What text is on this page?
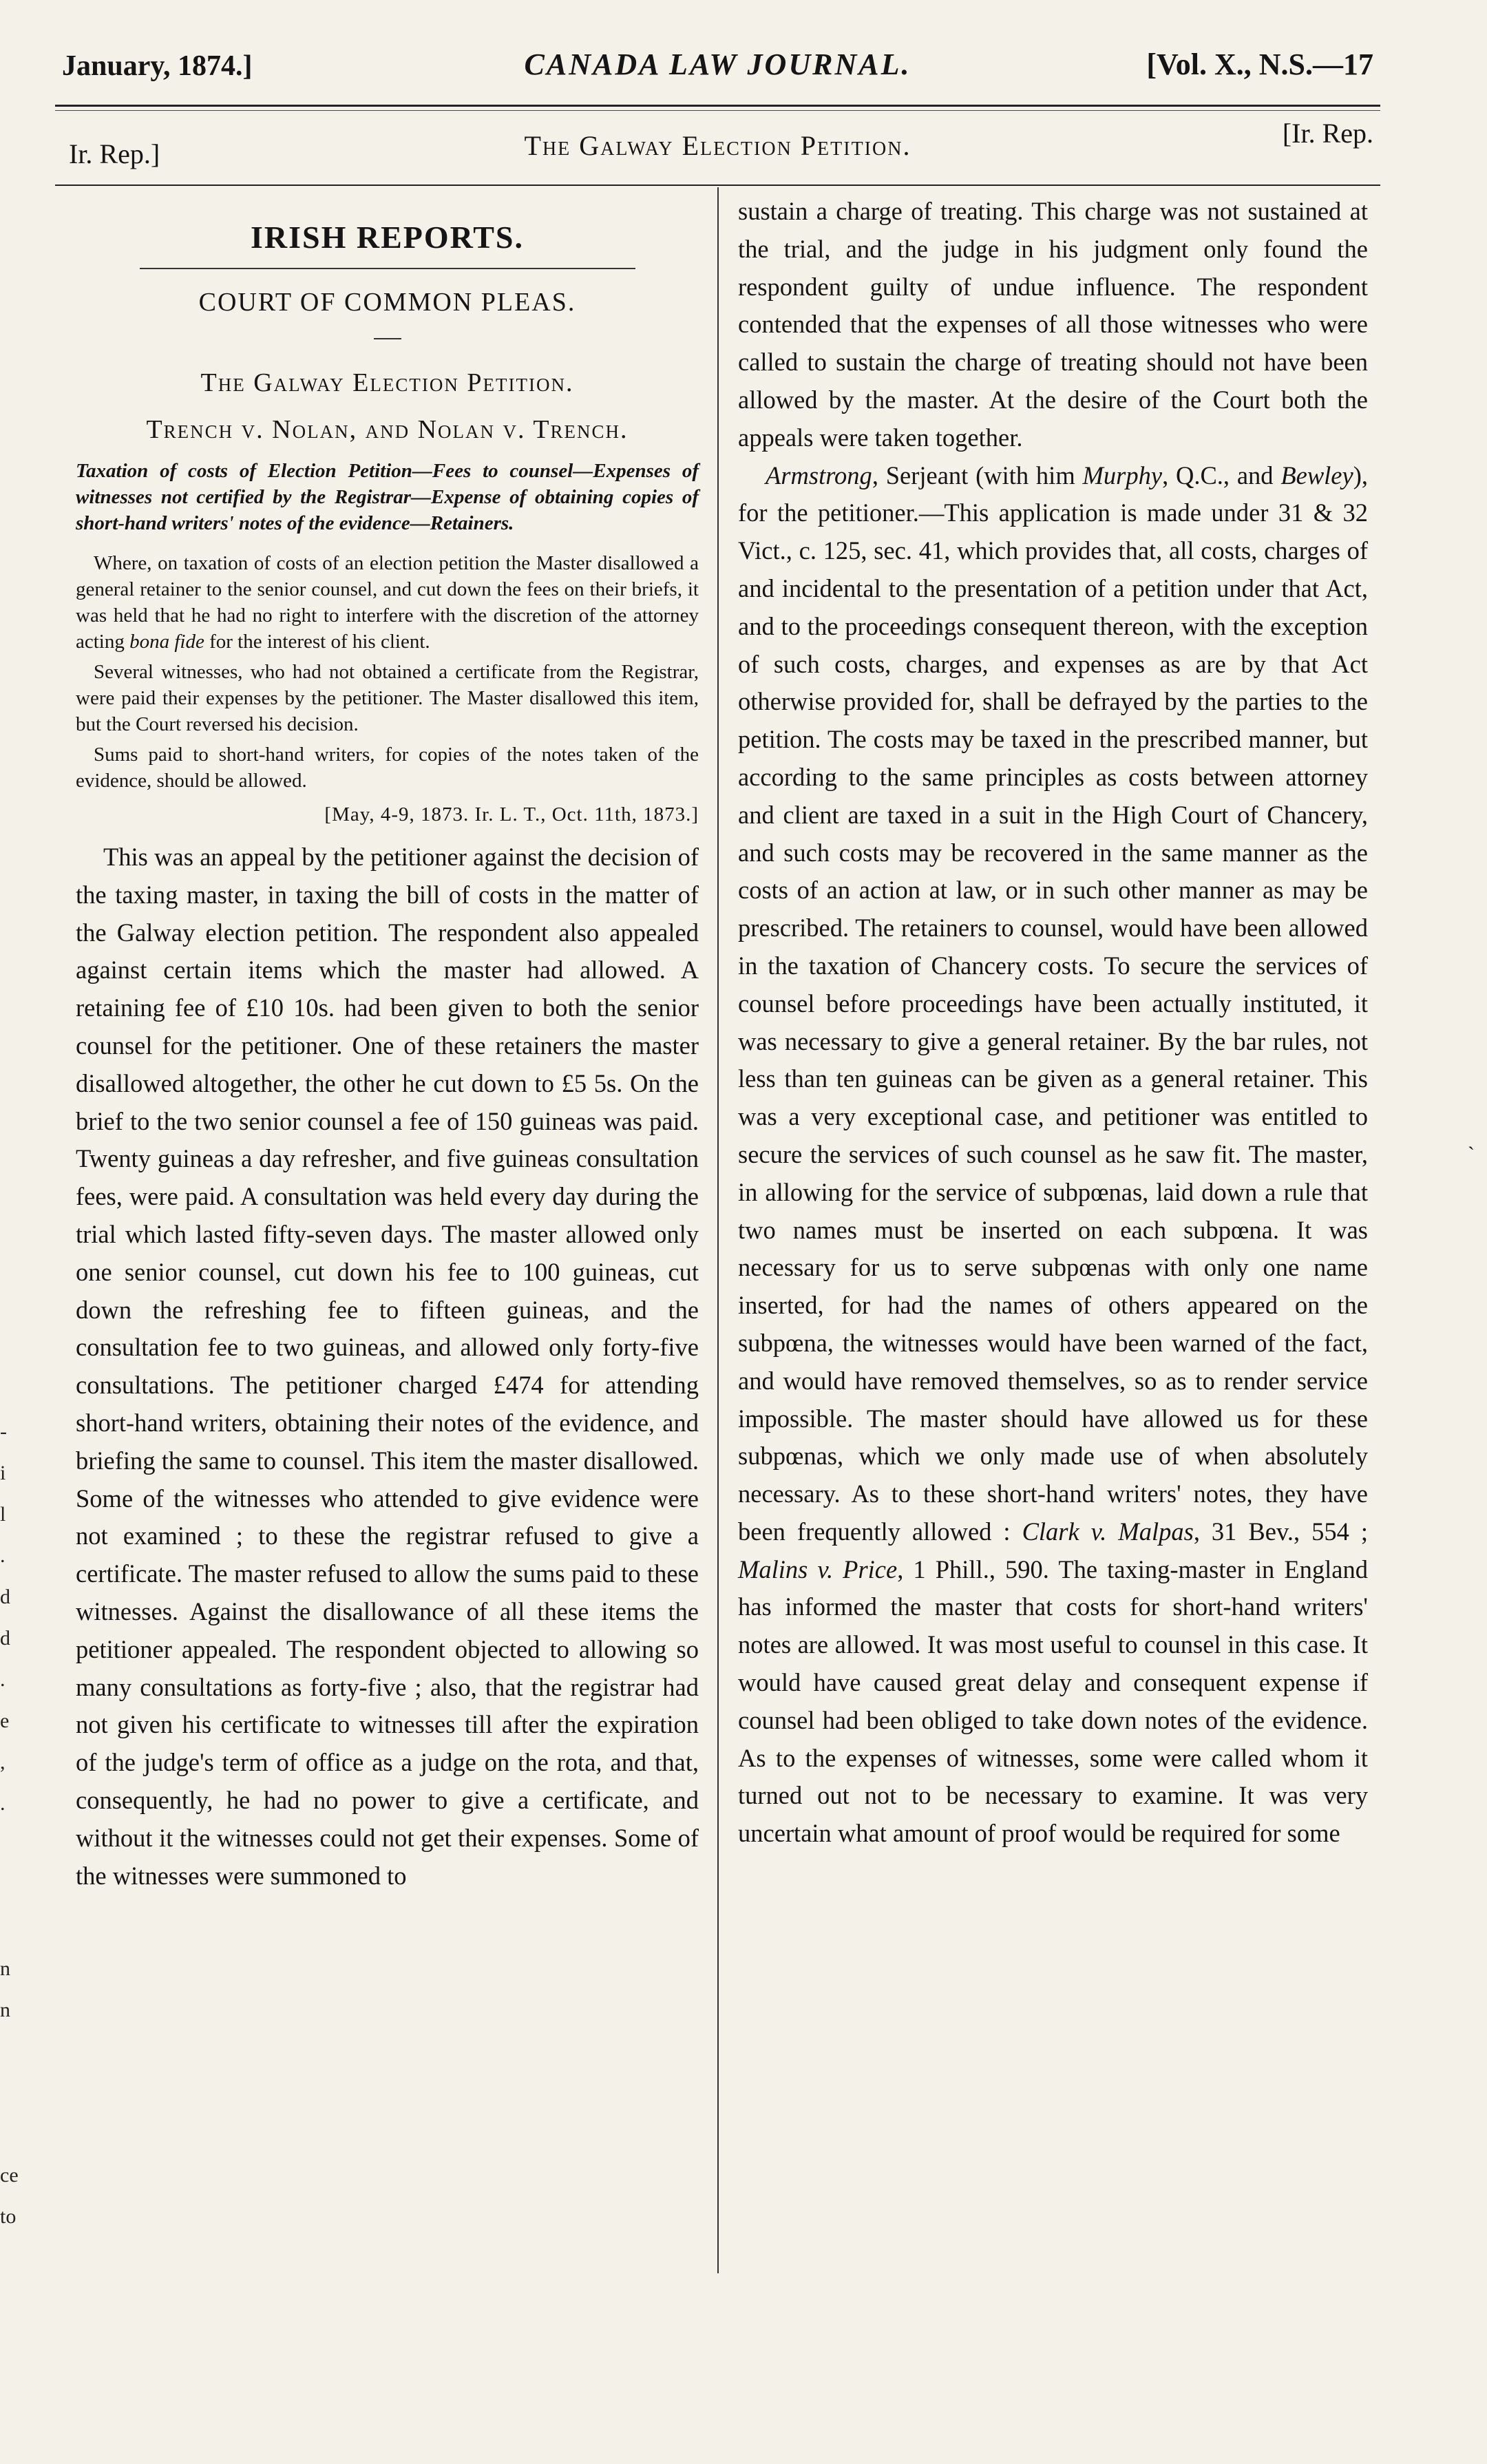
January, 1874.]	CANADA LAW JOURNAL.	[Vol. X., N.S.—17
Ir. Rep.]	The Galway Election Petition.	[Ir. Rep.
IRISH REPORTS.
COURT OF COMMON PLEAS.
The Galway Election Petition.
Trench v. Nolan, and Nolan v. Trench.
Taxation of costs of Election Petition—Fees to counsel—Expenses of witnesses not certified by the Registrar—Expense of obtaining copies of short-hand writers' notes of the evidence—Retainers.

Where, on taxation of costs of an election petition the Master disallowed a general retainer to the senior counsel, and cut down the fees on their briefs, it was held that he had no right to interfere with the discretion of the attorney acting bona fide for the interest of his client.

Several witnesses, who had not obtained a certificate from the Registrar, were paid their expenses by the petitioner. The Master disallowed this item, but the Court reversed his decision.

Sums paid to short-hand writers, for copies of the notes taken of the evidence, should be allowed.

[May, 4-9, 1873. Ir. L. T., Oct. 11th, 1873.]

This was an appeal by the petitioner against the decision of the taxing master, in taxing the bill of costs in the matter of the Galway election petition. The respondent also appealed against certain items which the master had allowed. A retaining fee of £10 10s. had been given to both the senior counsel for the petitioner. One of these retainers the master disallowed altogether, the other he cut down to £5 5s. On the brief to the two senior counsel a fee of 150 guineas was paid. Twenty guineas a day refresher, and five guineas consultation fees, were paid. A consultation was held every day during the trial which lasted fifty-seven days. The master allowed only one senior counsel, cut down his fee to 100 guineas, cut down the refreshing fee to fifteen guineas, and the consultation fee to two guineas, and allowed only forty-five consultations. The petitioner charged £474 for attending short-hand writers, obtaining their notes of the evidence, and briefing the same to counsel. This item the master disallowed. Some of the witnesses who attended to give evidence were not examined ; to these the registrar refused to give a certificate. The master refused to allow the sums paid to these witnesses. Against the disallowance of all these items the petitioner appealed. The respondent objected to allowing so many consultations as forty-five ; also, that the registrar had not given his certificate to witnesses till after the expiration of the judge's term of office as a judge on the rota, and that, consequently, he had no power to give a certificate, and without it the witnesses could not get their expenses. Some of the witnesses were summoned to

sustain a charge of treating. This charge was not sustained at the trial, and the judge in his judgment only found the respondent guilty of undue influence. The respondent contended that the expenses of all those witnesses who were called to sustain the charge of treating should not have been allowed by the master. At the desire of the Court both the appeals were taken together.

Armstrong, Serjeant (with him Murphy, Q.C., and Bewley), for the petitioner.—This application is made under 31 & 32 Vict., c. 125, sec. 41, which provides that, all costs, charges of and incidental to the presentation of a petition under that Act, and to the proceedings consequent thereon, with the exception of such costs, charges, and expenses as are by that Act otherwise provided for, shall be defrayed by the parties to the petition. The costs may be taxed in the prescribed manner, but according to the same principles as costs between attorney and client are taxed in a suit in the High Court of Chancery, and such costs may be recovered in the same manner as the costs of an action at law, or in such other manner as may be prescribed. The retainers to counsel, would have been allowed in the taxation of Chancery costs. To secure the services of counsel before proceedings have been actually instituted, it was necessary to give a general retainer. By the bar rules, not less than ten guineas can be given as a general retainer. This was a very exceptional case, and petitioner was entitled to secure the services of such counsel as he saw fit. The master, in allowing for the service of subpœnas, laid down a rule that two names must be inserted on each subpœna. It was necessary for us to serve subpœnas with only one name inserted, for had the names of others appeared on the subpœna, the witnesses would have been warned of the fact, and would have removed themselves, so as to render service impossible. The master should have allowed us for these subpœnas, which we only made use of when absolutely necessary. As to these short-hand writers' notes, they have been frequently allowed : Clark v. Malpas, 31 Bev., 554 ; Malins v. Price, 1 Phill., 590. The taxing-master in England has informed the master that costs for short-hand writers' notes are allowed. It was most useful to counsel in this case. It would have caused great delay and consequent expense if counsel had been obliged to take down notes of the evidence. As to the expenses of witnesses, some were called whom it turned out not to be necessary to examine. It was very uncertain what amount of proof would be required for some

-
i
l
.
d
d
.
e
,
.

n
n

ce
to
`
